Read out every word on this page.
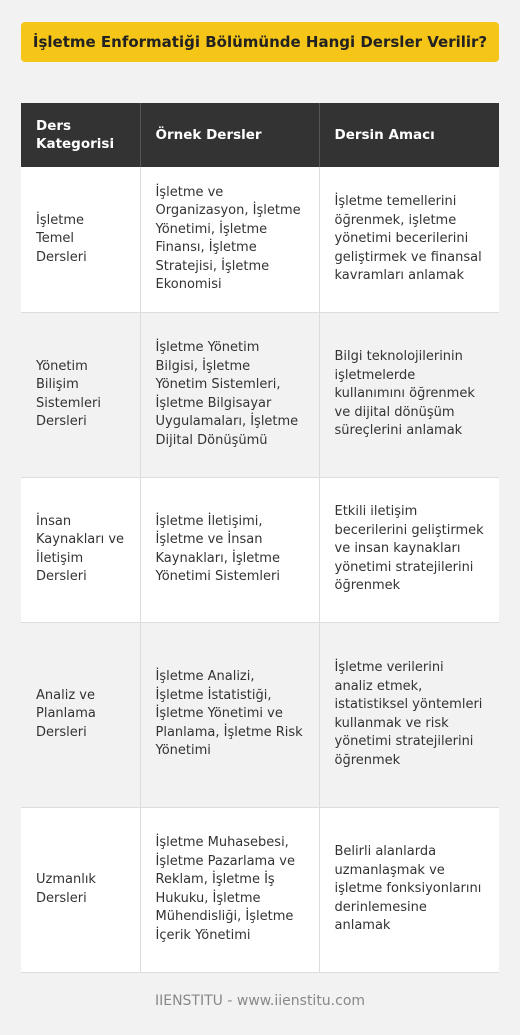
İşletme Enformatiği Bölümünde Hangi Dersler Verilir?
Ders Kategorisi	Örnek Dersler	Dersin Amacı
İşletme Temel Dersleri	İşletme ve Organizasyon, İşletme Yönetimi, İşletme Finansı, İşletme Stratejisi, İşletme Ekonomisi	İşletme temellerini öğrenmek, işletme yönetimi becerilerini geliştirmek ve finansal kavramları anlamak
Yönetim Bilişim Sistemleri Dersleri	İşletme Yönetim Bilgisi, İşletme Yönetim Sistemleri, İşletme Bilgisayar Uygulamaları, İşletme Dijital Dönüşümü	Bilgi teknolojilerinin işletmelerde kullanımını öğrenmek ve dijital dönüşüm süreçlerini anlamak
İnsan Kaynakları ve İletişim Dersleri	İşletme İletişimi, İşletme ve İnsan Kaynakları, İşletme Yönetimi Sistemleri	Etkili iletişim becerilerini geliştirmek ve insan kaynakları yönetimi stratejilerini öğrenmek
Analiz ve Planlama Dersleri	İşletme Analizi, İşletme İstatistiği, İşletme Yönetimi ve Planlama, İşletme Risk Yönetimi	İşletme verilerini analiz etmek, istatistiksel yöntemleri kullanmak ve risk yönetimi stratejilerini öğrenmek
Uzmanlık Dersleri	İşletme Muhasebesi, İşletme Pazarlama ve Reklam, İşletme İş Hukuku, İşletme Mühendisliği, İşletme İçerik Yönetimi	Belirli alanlarda uzmanlaşmak ve işletme fonksiyonlarını derinlemesine anlamak
IIENSTITU - www.iienstitu.com
